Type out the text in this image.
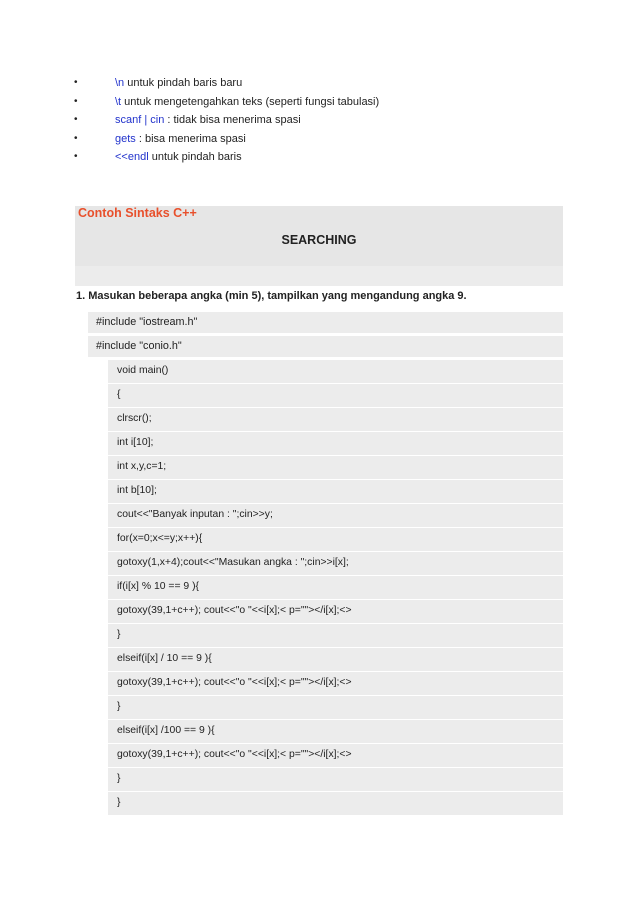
•	\n untuk pindah baris baru
•	\t untuk mengetengahkan teks (seperti fungsi tabulasi)
•	scanf | cin : tidak bisa menerima spasi
•	gets : bisa menerima spasi
•	<<endl untuk pindah baris
Contoh Sintaks C++
SEARCHING
1. Masukan beberapa angka (min 5), tampilkan yang mengandung angka 9.
#include "iostream.h"
#include "conio.h"
void main()
{
clrscr();
int i[10];
int x,y,c=1;
int b[10];
cout<<"Banyak inputan : ";cin>>y;
for(x=0;x<=y;x++){
gotoxy(1,x+4);cout<<"Masukan angka : ";cin>>i[x];
if(i[x] % 10 == 9 ){
gotoxy(39,1+c++); cout<<"o "<<i[x];< p=""></i[x];<>
}
elseif(i[x] / 10 == 9 ){
gotoxy(39,1+c++); cout<<"o "<<i[x];< p=""></i[x];<>
}
elseif(i[x] /100 == 9 ){
gotoxy(39,1+c++); cout<<"o "<<i[x];< p=""></i[x];<>
}
}
